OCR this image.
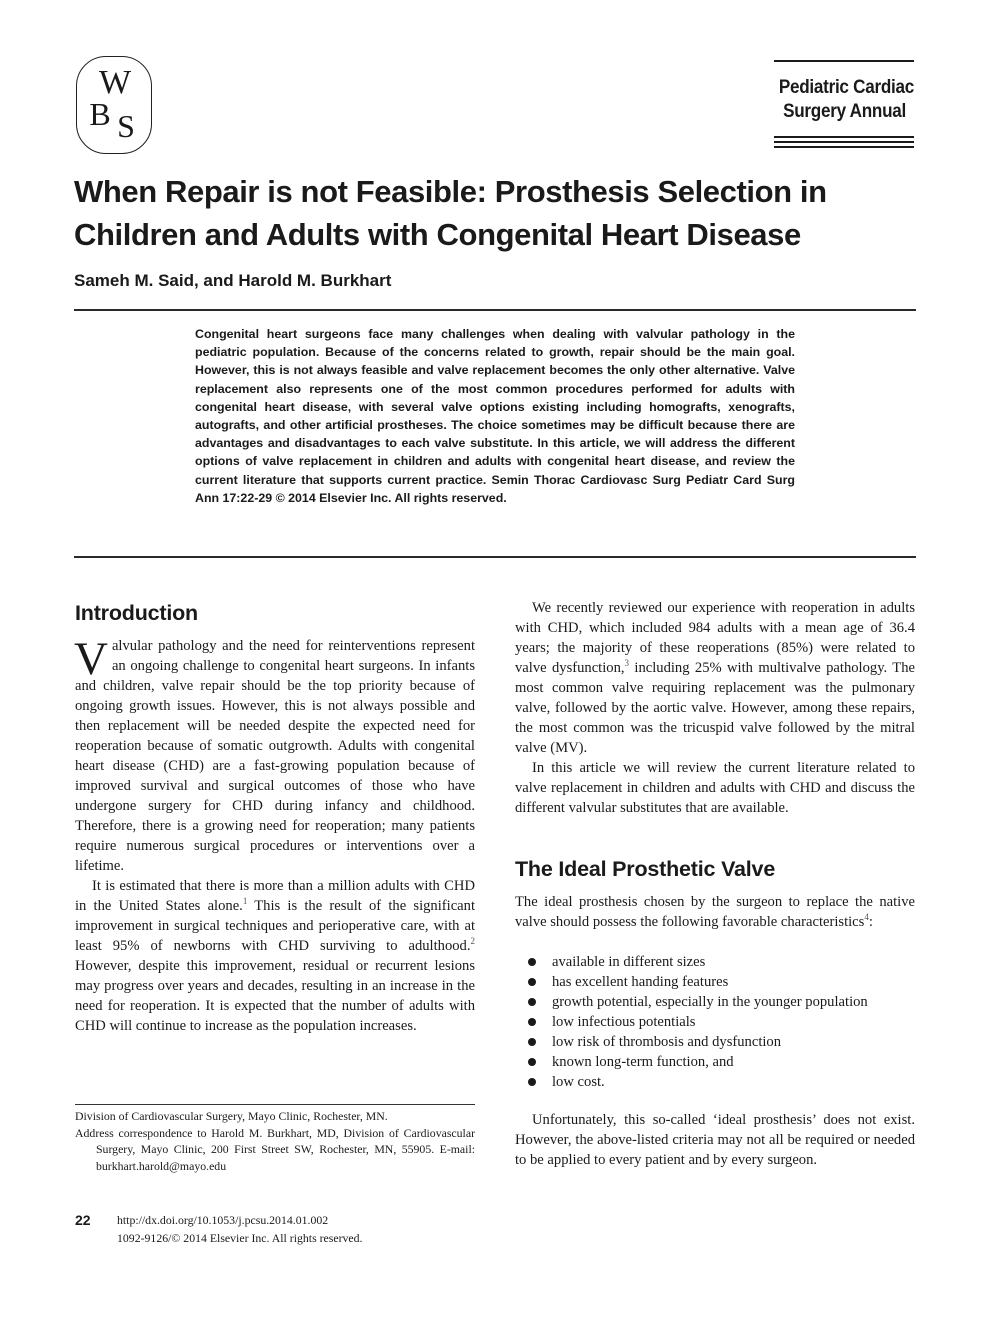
W
B S
Pediatric Cardiac
Surgery Annual
When Repair is not Feasible: Prosthesis Selection in Children and Adults with Congenital Heart Disease
Sameh M. Said, and Harold M. Burkhart
Congenital heart surgeons face many challenges when dealing with valvular pathology in the pediatric population. Because of the concerns related to growth, repair should be the main goal. However, this is not always feasible and valve replacement becomes the only other alternative. Valve replacement also represents one of the most common procedures performed for adults with congenital heart disease, with several valve options existing including homografts, xenografts, autografts, and other artificial prostheses. The choice sometimes may be difficult because there are advantages and disadvantages to each valve substitute. In this article, we will address the different options of valve replacement in children and adults with congenital heart disease, and review the current literature that supports current practice. Semin Thorac Cardiovasc Surg Pediatr Card Surg Ann 17:22-29 © 2014 Elsevier Inc. All rights reserved.
Introduction

Valvular pathology and the need for reinterventions represent an ongoing challenge to congenital heart surgeons. In infants and children, valve repair should be the top priority because of ongoing growth issues. However, this is not always possible and then replacement will be needed despite the expected need for reoperation because of somatic outgrowth. Adults with congenital heart disease (CHD) are a fast-growing population because of improved survival and surgical outcomes of those who have undergone surgery for CHD during infancy and childhood. Therefore, there is a growing need for reoperation; many patients require numerous surgical procedures or interventions over a lifetime.

It is estimated that there is more than a million adults with CHD in the United States alone.$^1$ This is the result of the significant improvement in surgical techniques and perioperative care, with at least 95% of newborns with CHD surviving to adulthood.$^2$ However, despite this improvement, residual or recurrent lesions may progress over years and decades, resulting in an increase in the need for reoperation. It is expected that the number of adults with CHD will continue to increase as the population increases.

We recently reviewed our experience with reoperation in adults with CHD, which included 984 adults with a mean age of 36.4 years; the majority of these reoperations (85%) were related to valve dysfunction,$^3$ including 25% with multivalve pathology. The most common valve requiring replacement was the pulmonary valve, followed by the aortic valve. However, among these repairs, the most common was the tricuspid valve followed by the mitral valve (MV).

In this article we will review the current literature related to valve replacement in children and adults with CHD and discuss the different valvular substitutes that are available.

The Ideal Prosthetic Valve

The ideal prosthesis chosen by the surgeon to replace the native valve should possess the following favorable characteristics$^4$:

available in different sizes
has excellent handing features
growth potential, especially in the younger population
low infectious potentials
low risk of thrombosis and dysfunction
known long-term function, and
low cost.

Unfortunately, this so-called ‘ideal prosthesis’ does not exist. However, the above-listed criteria may not all be required or needed to be applied to every patient and by every surgeon.

Division of Cardiovascular Surgery, Mayo Clinic, Rochester, MN.
Address correspondence to Harold M. Burkhart, MD, Division of Cardiovascular Surgery, Mayo Clinic, 200 First Street SW, Rochester, MN, 55905. E-mail: burkhart.harold@mayo.edu
22 http://dx.doi.org/10.1053/j.pcsu.2014.01.002
1092-9126/© 2014 Elsevier Inc. All rights reserved.
